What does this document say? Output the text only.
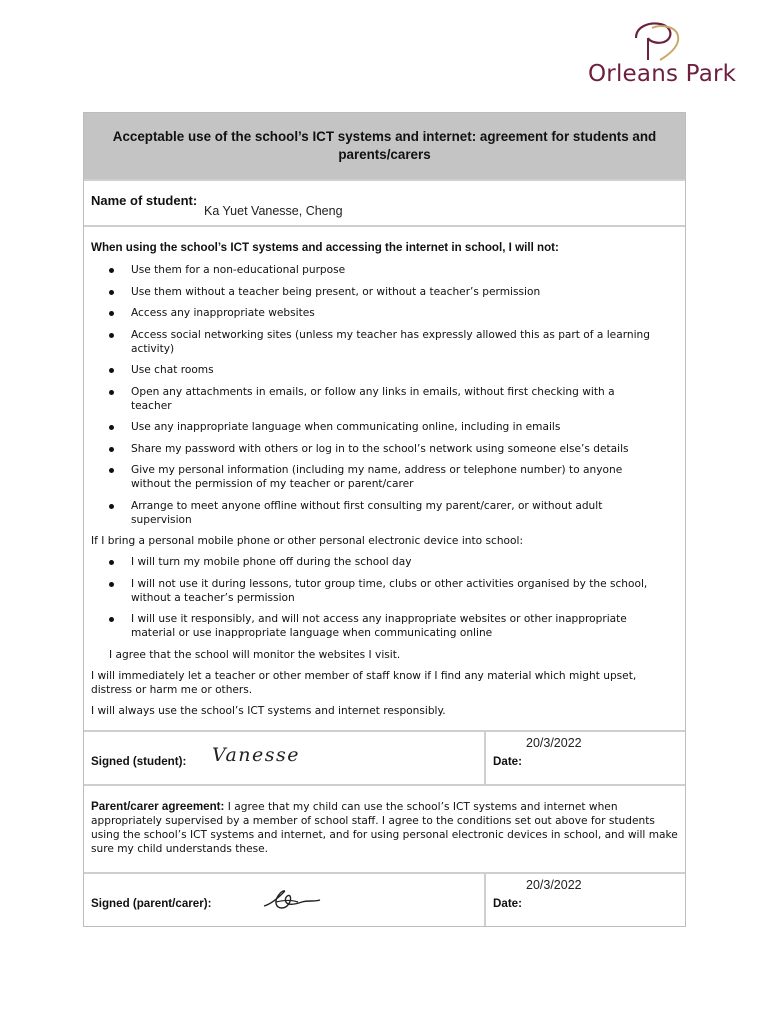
Orleans Park
Acceptable use of the school’s ICT systems and internet: agreement for students and parents/carers
Name of student:
Ka Yuet Vanesse, Cheng
When using the school’s ICT systems and accessing the internet in school, I will not:
Use them for a non-educational purpose
Use them without a teacher being present, or without a teacher’s permission
Access any inappropriate websites
Access social networking sites (unless my teacher has expressly allowed this as part of a learning activity)
Use chat rooms
Open any attachments in emails, or follow any links in emails, without first checking with a teacher
Use any inappropriate language when communicating online, including in emails
Share my password with others or log in to the school’s network using someone else’s details
Give my personal information (including my name, address or telephone number) to anyone without the permission of my teacher or parent/carer
Arrange to meet anyone offline without first consulting my parent/carer, or without adult supervision

If I bring a personal mobile phone or other personal electronic device into school:

I will turn my mobile phone off during the school day
I will not use it during lessons, tutor group time, clubs or other activities organised by the school, without a teacher’s permission
I will use it responsibly, and will not access any inappropriate websites or other inappropriate material or use inappropriate language when communicating online

I agree that the school will monitor the websites I visit.

I will immediately let a teacher or other member of staff know if I find any material which might upset, distress or harm me or others.

I will always use the school’s ICT systems and internet responsibly.

Signed (student): Vanesse	Date:
20/3/2022
Parent/carer agreement: I agree that my child can use the school’s ICT systems and internet when appropriately supervised by a member of school staff. I agree to the conditions set out above for students using the school’s ICT systems and internet, and for using personal electronic devices in school, and will make sure my child understands these.
Signed (parent/carer):	Date:
20/3/2022
